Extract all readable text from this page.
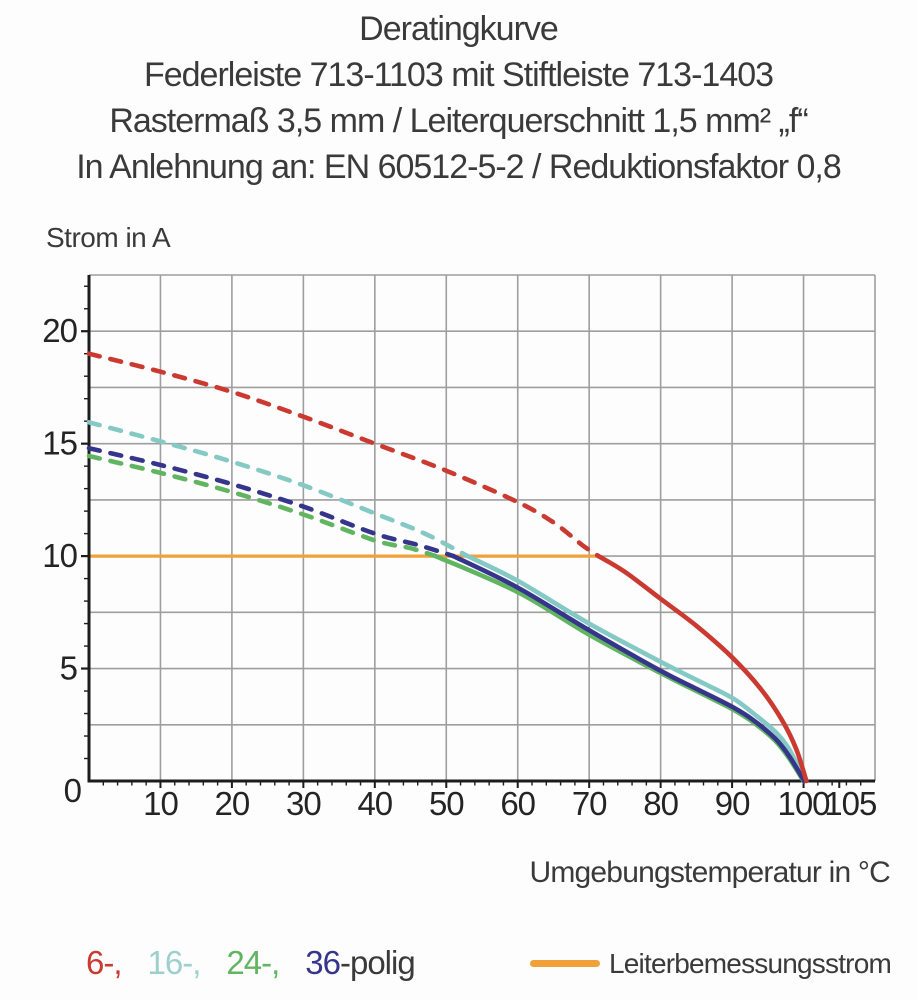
Deratingkurve
Federleiste 713-1103 mit Stiftleiste 713-1403
Rastermaß 3,5 mm / Leiterquerschnitt 1,5 mm² „f“
In Anlehnung an: EN 60512-5-2 / Reduktionsfaktor 0,8
Strom in A
0 10 20 30 40 50 60 70 80 90 100
105
5
10
15
20
Umgebungstemperatur in °C
6-, 16-, 24-, 36 -polig	Leiterbemessungsstrom
